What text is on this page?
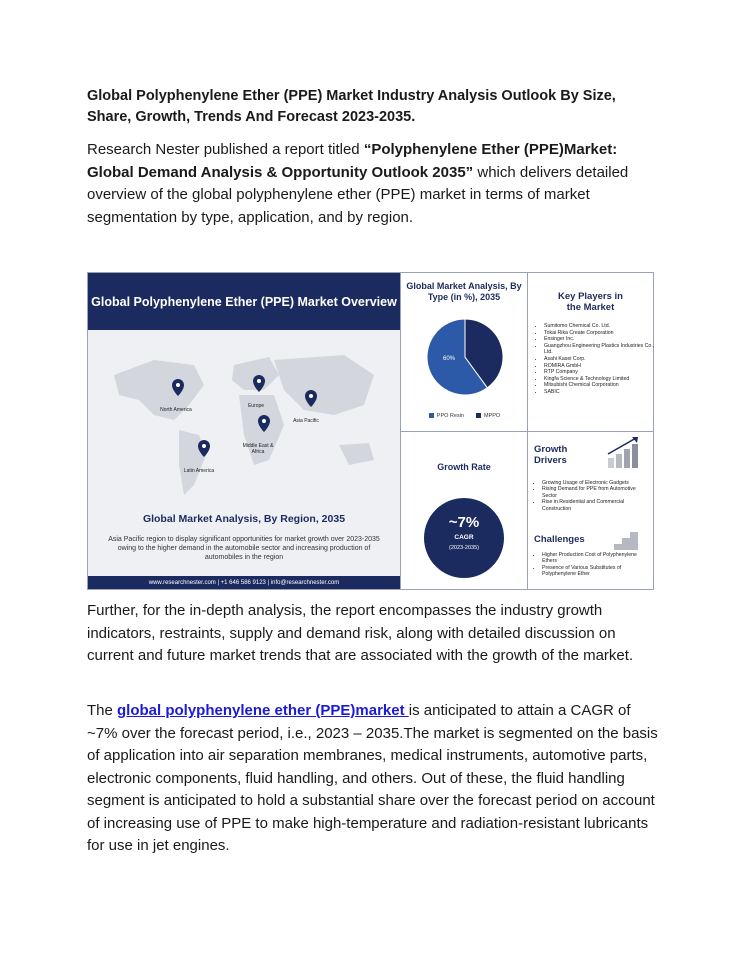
Global Polyphenylene Ether (PPE) Market Industry Analysis Outlook By Size, Share, Growth, Trends And Forecast 2023-2035.
Research Nester published a report titled “Polyphenylene Ether (PPE)Market: Global Demand Analysis & Opportunity Outlook 2035” which delivers detailed overview of the global polyphenylene ether (PPE) market in terms of market segmentation by type, application, and by region.
Global Polyphenylene Ether (PPE) Market Overview
North America
Europe
Asia Pacific
Middle East & Africa
Latin America
Global Market Analysis, By Region, 2035
Asia Pacific region to display significant opportunities for market growth over 2023-2035 owing to the higher demand in the automobile sector and increasing production of automobiles in the region
www.researchnester.com | +1 646 586 9123 | info@researchnester.com
Global Market Analysis, By Type (in %), 2035
60%
PPO Resin	MPPO
Key Players in the Market
• Sumitomo Chemical Co. Ltd.
• Tokai Rika Create Corporation
• Ensinger Inc.
• Guangzhou Engineering Plastics Industries Co., Ltd.
• Asahi Kasei Corp.
• ROMIRA GmbH
• RTP Company
• Kingfa Science & Technology Limited
• Mitsubishi Chemical Corporation
• SABIC
Growth Rate
~7%
CAGR
(2023-2035)
Growth Drivers
• Growing Usage of Electronic Gadgets
• Rising Demand for PPE from Automotive Sector
• Rise in Residential and Commercial Construction
Challenges
• Higher Production Cost of Polyphenylene Ethers
• Presence of Various Substitutes of Polyphenylene Ether
Further, for the in-depth analysis, the report encompasses the industry growth indicators, restraints, supply and demand risk, along with detailed discussion on current and future market trends that are associated with the growth of the market.
The global polyphenylene ether (PPE)market is anticipated to attain a CAGR of ~7% over the forecast period, i.e., 2023 – 2035.The market is segmented on the basis of application into air separation membranes, medical instruments, automotive parts, electronic components, fluid handling, and others. Out of these, the fluid handling segment is anticipated to hold a substantial share over the forecast period on account of increasing use of PPE to make high-temperature and radiation-resistant lubricants for use in jet engines.
